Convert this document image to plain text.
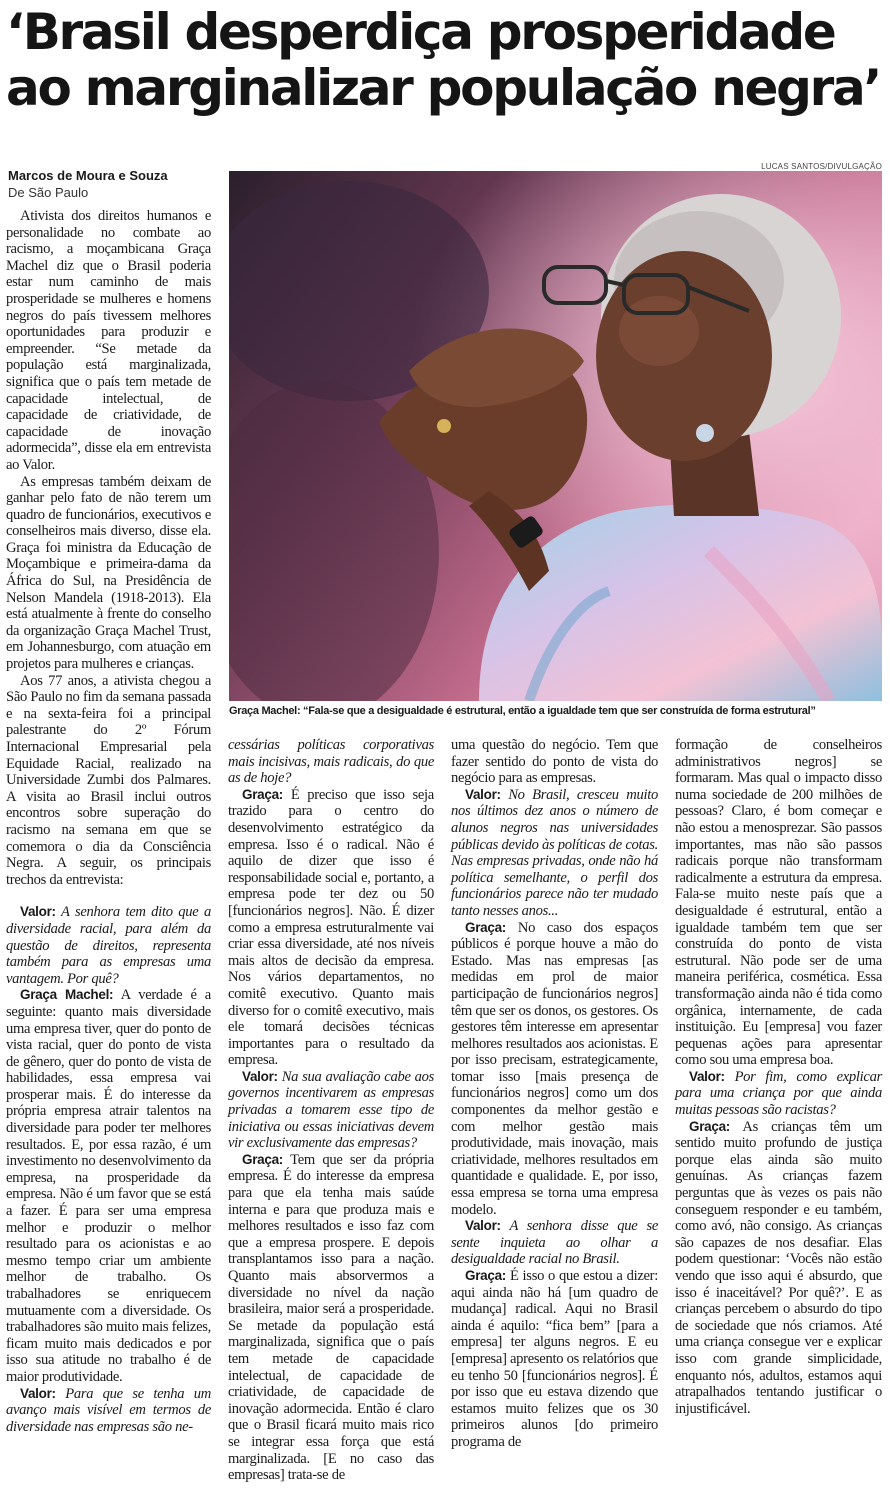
‘Brasil desperdiça prosperidade
ao marginalizar população negra’
Marcos de Moura e Souza
De São Paulo
LUCAS SANTOS/DIVULGAÇÃO
Graça Machel: “Fala-se que a desigualdade é estrutural, então a igualdade tem que ser construída de forma estrutural”

Ativista dos direitos humanos e personalidade no combate ao racismo, a moçambicana Graça Machel diz que o Brasil poderia estar num caminho de mais prosperidade se mulheres e homens negros do país tivessem melhores oportunidades para produzir e empreender. “Se metade da população está marginalizada, significa que o país tem metade de capacidade intelectual, de capacidade de criatividade, de capacidade de inovação adormecida”, disse ela em entrevista ao Valor.

As empresas também deixam de ganhar pelo fato de não terem um quadro de funcionários, executivos e conselheiros mais diverso, disse ela. Graça foi ministra da Educação de Moçambique e primeira-dama da África do Sul, na Presidência de Nelson Mandela (1918-2013). Ela está atualmente à frente do conselho da organização Graça Machel Trust, em Johannesburgo, com atuação em projetos para mulheres e crianças.

Aos 77 anos, a ativista chegou a São Paulo no fim da semana passada e na sexta-feira foi a principal palestrante do 2º Fórum Internacional Empresarial pela Equidade Racial, realizado na Universidade Zumbi dos Palmares. A visita ao Brasil inclui outros encontros sobre superação do racismo na semana em que se comemora o dia da Consciência Negra. A seguir, os principais trechos da entrevista:

Valor: A senhora tem dito que a diversidade racial, para além da questão de direitos, representa também para as empresas uma vantagem. Por quê?

Graça Machel: A verdade é a seguinte: quanto mais diversidade uma empresa tiver, quer do ponto de vista racial, quer do ponto de vista de gênero, quer do ponto de vista de habilidades, essa empresa vai prosperar mais. É do interesse da própria empresa atrair talentos na diversidade para poder ter melhores resultados. E, por essa razão, é um investimento no desenvolvimento da empresa, na prosperidade da empresa. Não é um favor que se está a fazer. É para ser uma empresa melhor e produzir o melhor resultado para os acionistas e ao mesmo tempo criar um ambiente melhor de trabalho. Os trabalhadores se enriquecem mutuamente com a diversidade. Os trabalhadores são muito mais felizes, ficam muito mais dedicados e por isso sua atitude no trabalho é de maior produtividade.

Valor: Para que se tenha um avanço mais visível em termos de diversidade nas empresas são ne-

cessárias políticas corporativas mais incisivas, mais radicais, do que as de hoje?

Graça: É preciso que isso seja trazido para o centro do desenvolvimento estratégico da empresa. Isso é o radical. Não é aquilo de dizer que isso é responsabilidade social e, portanto, a empresa pode ter dez ou 50 [funcionários negros]. Não. É dizer como a empresa estruturalmente vai criar essa diversidade, até nos níveis mais altos de decisão da empresa. Nos vários departamentos, no comitê executivo. Quanto mais diverso for o comitê executivo, mais ele tomará decisões técnicas importantes para o resultado da empresa.

Valor: Na sua avaliação cabe aos governos incentivarem as empresas privadas a tomarem esse tipo de iniciativa ou essas iniciativas devem vir exclusivamente das empresas?

Graça: Tem que ser da própria empresa. É do interesse da empresa para que ela tenha mais saúde interna e para que produza mais e melhores resultados e isso faz com que a empresa prospere. E depois transplantamos isso para a nação. Quanto mais absorvermos a diversidade no nível da nação brasileira, maior será a prosperidade. Se metade da população está marginalizada, significa que o país tem metade de capacidade intelectual, de capacidade de criatividade, de capacidade de inovação adormecida. Então é claro que o Brasil ficará muito mais rico se integrar essa força que está marginalizada. [E no caso das empresas] trata-se de

uma questão do negócio. Tem que fazer sentido do ponto de vista do negócio para as empresas.

Valor: No Brasil, cresceu muito nos últimos dez anos o número de alunos negros nas universidades públicas devido às políticas de cotas. Nas empresas privadas, onde não há política semelhante, o perfil dos funcionários parece não ter mudado tanto nesses anos...

Graça: No caso dos espaços públicos é porque houve a mão do Estado. Mas nas empresas [as medidas em prol de maior participação de funcionários negros] têm que ser os donos, os gestores. Os gestores têm interesse em apresentar melhores resultados aos acionistas. E por isso precisam, estrategicamente, tomar isso [mais presença de funcionários negros] como um dos componentes da melhor gestão e com melhor gestão mais produtividade, mais inovação, mais criatividade, melhores resultados em quantidade e qualidade. E, por isso, essa empresa se torna uma empresa modelo.

Valor: A senhora disse que se sente inquieta ao olhar a desigualdade racial no Brasil.

Graça: É isso o que estou a dizer: aqui ainda não há [um quadro de mudança] radical. Aqui no Brasil ainda é aquilo: “fica bem” [para a empresa] ter alguns negros. E eu [empresa] apresento os relatórios que eu tenho 50 [funcionários negros]. É por isso que eu estava dizendo que estamos muito felizes que os 30 primeiros alunos [do primeiro programa de

formação de conselheiros administrativos negros] se formaram. Mas qual o impacto disso numa sociedade de 200 milhões de pessoas? Claro, é bom começar e não estou a menosprezar. São passos importantes, mas não são passos radicais porque não transformam radicalmente a estrutura da empresa. Fala-se muito neste país que a desigualdade é estrutural, então a igualdade também tem que ser construída do ponto de vista estrutural. Não pode ser de uma maneira periférica, cosmética. Essa transformação ainda não é tida como orgânica, internamente, de cada instituição. Eu [empresa] vou fazer pequenas ações para apresentar como sou uma empresa boa.

Valor: Por fim, como explicar para uma criança por que ainda muitas pessoas são racistas?

Graça: As crianças têm um sentido muito profundo de justiça porque elas ainda são muito genuínas. As crianças fazem perguntas que às vezes os pais não conseguem responder e eu também, como avó, não consigo. As crianças são capazes de nos desafiar. Elas podem questionar: ‘Vocês não estão vendo que isso aqui é absurdo, que isso é inaceitável? Por quê?’. E as crianças percebem o absurdo do tipo de sociedade que nós criamos. Até uma criança consegue ver e explicar isso com grande simplicidade, enquanto nós, adultos, estamos aqui atrapalhados tentando justificar o injustificável.
